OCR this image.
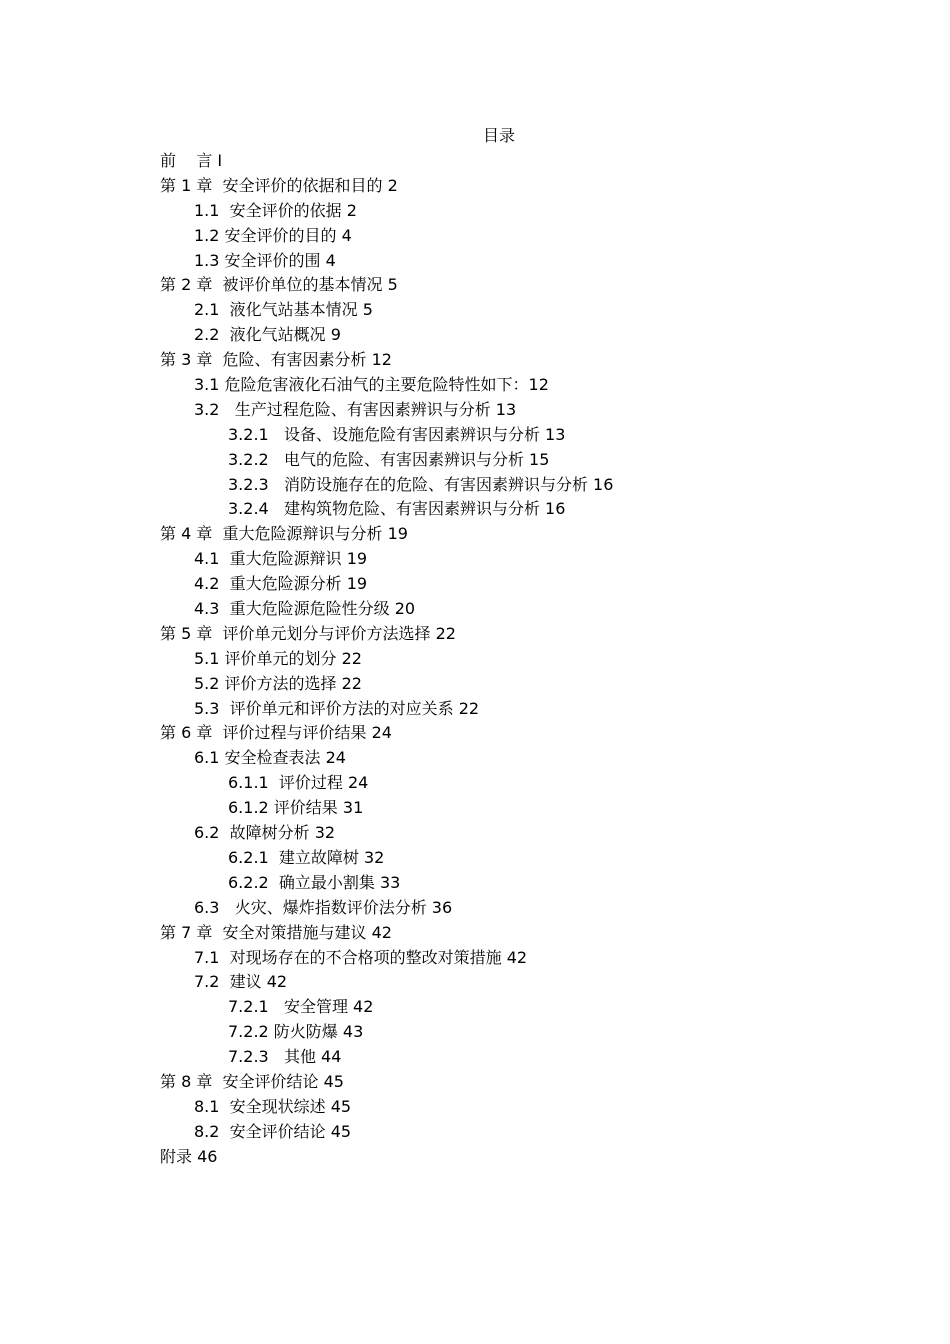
目录
前    言 I
第 1 章  安全评价的依据和目的 2
1.1  安全评价的依据 2
1.2 安全评价的目的 4
1.3 安全评价的围 4
第 2 章  被评价单位的基本情况 5
2.1  液化气站基本情况 5
2.2  液化气站概况 9
第 3 章  危险、有害因素分析 12
3.1 危险危害液化石油气的主要危险特性如下：12
3.2   生产过程危险、有害因素辨识与分析 13
3.2.1   设备、设施危险有害因素辨识与分析 13
3.2.2   电气的危险、有害因素辨识与分析 15
3.2.3   消防设施存在的危险、有害因素辨识与分析 16
3.2.4   建构筑物危险、有害因素辨识与分析 16
第 4 章  重大危险源辩识与分析 19
4.1  重大危险源辩识 19
4.2  重大危险源分析 19
4.3  重大危险源危险性分级 20
第 5 章  评价单元划分与评价方法选择 22
5.1 评价单元的划分 22
5.2 评价方法的选择 22
5.3  评价单元和评价方法的对应关系 22
第 6 章  评价过程与评价结果 24
6.1 安全检查表法 24
6.1.1  评价过程 24
6.1.2 评价结果 31
6.2  故障树分析 32
6.2.1  建立故障树 32
6.2.2  确立最小割集 33
6.3   火灾、爆炸指数评价法分析 36
第 7 章  安全对策措施与建议 42
7.1  对现场存在的不合格项的整改对策措施 42
7.2  建议 42
7.2.1   安全管理 42
7.2.2 防火防爆 43
7.2.3   其他 44
第 8 章  安全评价结论 45
8.1  安全现状综述 45
8.2  安全评价结论 45
附录 46
